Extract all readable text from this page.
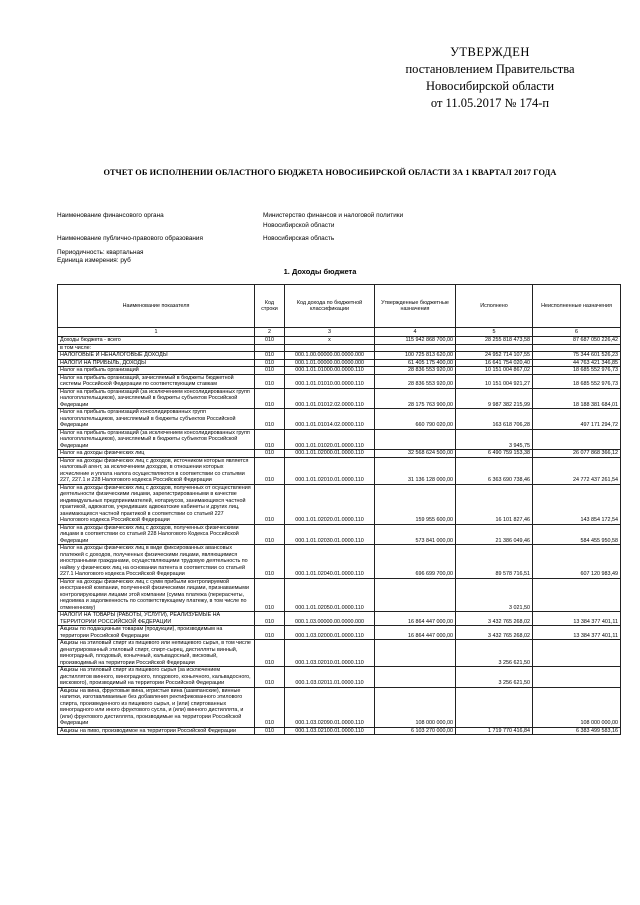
УТВЕРЖДЕН
постановлением Правительства
Новосибирской области
от 11.05.2017 № 174-п
ОТЧЕТ ОБ ИСПОЛНЕНИИ ОБЛАСТНОГО БЮДЖЕТА НОВОСИБИРСКОЙ ОБЛАСТИ ЗА 1 КВАРТАЛ 2017 ГОДА
Наименование финансового органа	Министерство финансов и налоговой политики
Новосибирской области
Наименование публично-правового образования	Новосибирская область
Периодичность: квартальная
Единица измерения: руб
1. Доходы бюджета
Наименование показателя	Код строки	Код дохода по бюджетной классификации	Утвержденные бюджетные назначения	Исполнено	Неисполненные назначения
1	2	3	4	5	6
Доходы бюджета - всего	010	x	115 942 868 700,00	28 255 818 473,58	87 687 050 226,42
в том числе:					
НАЛОГОВЫЕ И НЕНАЛОГОВЫЕ ДОХОДЫ	010	000.1.00.00000.00.0000.000	100 725 813 620,00	24 952 714 107,55	75 344 601 526,23
НАЛОГИ НА ПРИБЫЛЬ, ДОХОДЫ	010	000.1.01.00000.00.0000.000	61 405 175 400,00	16 641 754 020,40	44 763 421 346,85
Налог на прибыль организаций	010	000.1.01.01000.00.0000.110	28 836 553 920,00	10 151 004 867,02	18 685 552 976,73
Налог на прибыль организаций, зачисляемый в бюджеты бюджетной системы Российской Федерации по соответствующим ставкам	010	000.1.01.01010.00.0000.110	28 836 553 920,00	10 151 004 921,27	18 685 552 976,73
Налог на прибыль организаций (за исключением консолидированных групп налогоплательщиков), зачисляемый в бюджеты субъектов Российской Федерации	010	000.1.01.01012.02.0000.110	28 175 763 900,00	9 987 382 215,99	18 188 381 684,01
Налог на прибыль организаций консолидированных групп налогоплательщиков, зачисляемый в бюджеты субъектов Российской Федерации	010	000.1.01.01014.02.0000.110	660 790 020,00	163 618 706,28	497 171 294,72
Налог на прибыль организаций (за исключением консолидированных групп налогоплательщиков), зачисляемый в бюджеты субъектов Российской Федерации	010	000.1.01.01020.01.0000.110		3 945,75	
Налог на доходы физических лиц	010	000.1.01.02000.01.0000.110	32 568 624 500,00	6 490 759 153,38	26 077 868 366,12
Налог на доходы физических лиц с доходов, источником которых является налоговый агент, за исключением доходов, в отношении которых исчисление и уплата налога осуществляются в соответствии со статьями 227, 227.1 и 228 Налогового кодекса Российской Федерации	010	000.1.01.02010.01.0000.110	31 136 128 000,00	6 363 690 738,46	24 772 437 261,54
Налог на доходы физических лиц с доходов, полученных от осуществления деятельности физическими лицами, зарегистрированными в качестве индивидуальных предпринимателей, нотариусов, занимающихся частной практикой, адвокатов, учредивших адвокатские кабинеты и других лиц, занимающихся частной практикой в соответствии со статьей 227 Налогового кодекса Российской Федерации	010	000.1.01.02020.01.0000.110	159 955 600,00	16 101 827,46	143 854 172,54
Налог на доходы физических лиц с доходов, полученных физическими лицами в соответствии со статьей 228 Налогового Кодекса Российской Федерации	010	000.1.01.02030.01.0000.110	573 841 000,00	21 386 049,46	584 455 950,58
Налог на доходы физических лиц в виде фиксированных авансовых платежей с доходов, полученных физическими лицами, являющимися иностранными гражданами, осуществляющими трудовую деятельность по найму у физических лиц на основании патента в соответствии со статьей 227.1 Налогового кодекса Российской Федерации	010	000.1.01.02040.01.0000.110	696 699 700,00	89 578 716,51	607 120 983,49
Налог на доходы физических лиц с сумм прибыли контролируемой иностранной компании, полученной физическими лицами, признаваемыми контролирующими лицами этой компании (сумма платежа (перерасчеты, недоимка и задолженность по соответствующему платежу, в том числе по отмененному)	010	000.1.01.02050.01.0000.110		3 021,50	
НАЛОГИ НА ТОВАРЫ (РАБОТЫ, УСЛУГИ), РЕАЛИЗУЕМЫЕ НА ТЕРРИТОРИИ РОССИЙСКОЙ ФЕДЕРАЦИИ	010	000.1.03.00000.00.0000.000	16 864 447 000,00	3 432 765 268,02	13 384 377 401,11
Акцизы по подакцизным товарам (продукции), производимым на территории Российской Федерации	010	000.1.03.02000.01.0000.110	16 864 447 000,00	3 432 765 268,02	13 384 377 401,11
Акцизы на этиловый спирт из пищевого или непищевого сырья, в том числе денатурированный этиловый спирт, спирт-сырец, дистилляты винный, виноградный, плодовый, коньячный, кальвадосный, висковый, производимый на территории Российской Федерации	010	000.1.03.02010.01.0000.110		3 256 621,50	
Акцизы на этиловый спирт из пищевого сырья (за исключением дистиллятов винного, виноградного, плодового, коньячного, кальвадосного, вискового), производимый на территории Российской Федерации	010	000.1.03.02011.01.0000.110		3 256 621,50	
Акцизы на вина, фруктовые вина, игристые вина (шампанские), винные напитки, изготавливаемые без добавления ректификованного этилового спирта, произведенного из пищевого сырья, и (или) спиртованных виноградного или иного фруктового сусла, и (или) винного дистиллята, и (или) фруктового дистиллята, производимые на территории Российской Федерации	010	000.1.03.02090.01.0000.110	108 000 000,00		108 000 000,00
Акцизы на пиво, производимое на территории Российской Федерации	010	000.1.03.02100.01.0000.110	6 103 270 000,00	1 719 770 416,84	6 383 499 583,16
